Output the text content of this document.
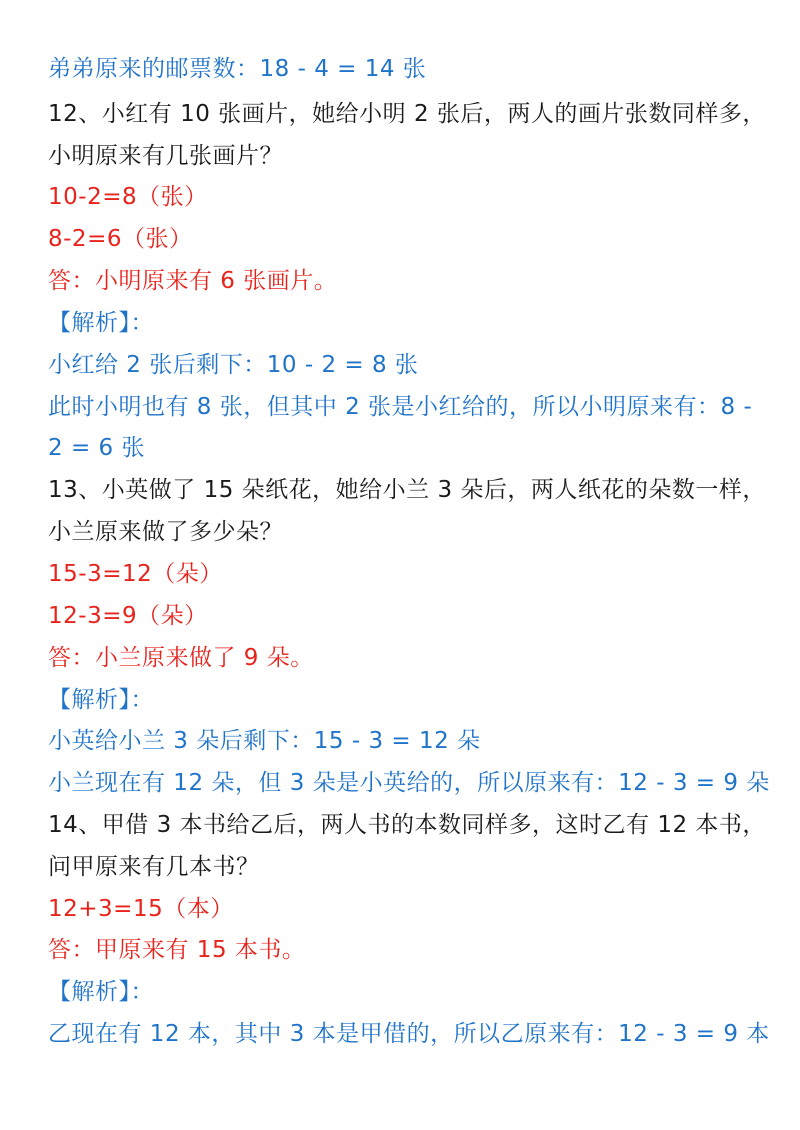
弟弟原来的邮票数：18 - 4 = 14 张
12、小红有 10 张画片，她给小明 2 张后，两人的画片张数同样多，
小明原来有几张画片？
10-2=8（张）
8-2=6（张）
答：小明原来有 6 张画片。
【解析】：
小红给 2 张后剩下：10 - 2 = 8 张
此时小明也有 8 张，但其中 2 张是小红给的，所以小明原来有：8 -
2 = 6 张
13、小英做了 15 朵纸花，她给小兰 3 朵后，两人纸花的朵数一样，
小兰原来做了多少朵？
15-3=12（朵）
12-3=9（朵）
答：小兰原来做了 9 朵。
【解析】：
小英给小兰 3 朵后剩下：15 - 3 = 12 朵
小兰现在有 12 朵，但 3 朵是小英给的，所以原来有：12 - 3 = 9 朵
14、甲借 3 本书给乙后，两人书的本数同样多，这时乙有 12 本书，
问甲原来有几本书？
12+3=15（本）
答：甲原来有 15 本书。
【解析】：
乙现在有 12 本，其中 3 本是甲借的，所以乙原来有：12 - 3 = 9 本
